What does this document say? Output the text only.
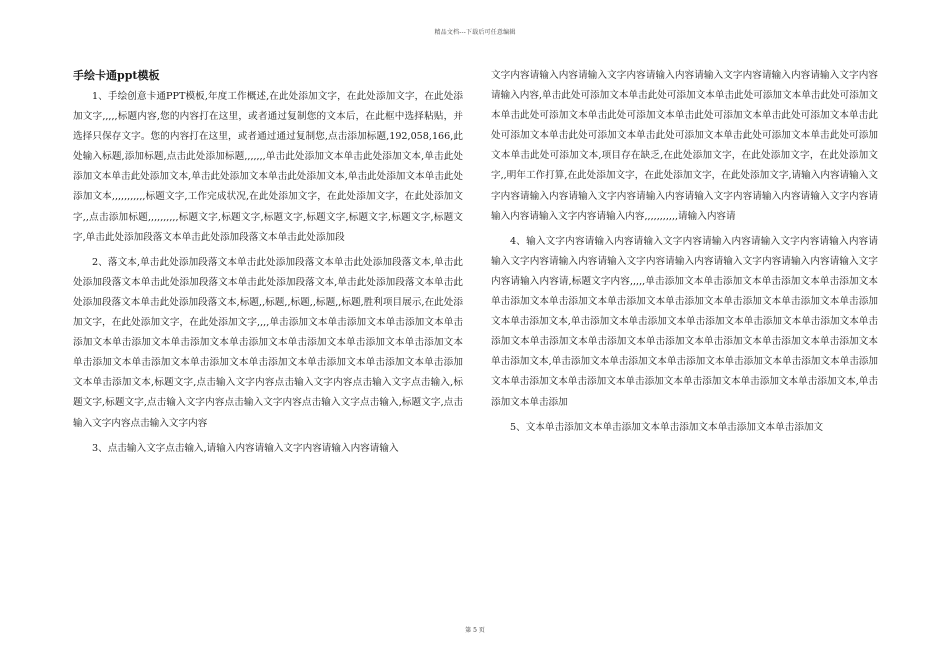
精品文档---下载后可任意编辑
手绘卡通ppt模板

1、手绘创意卡通PPT模板,年度工作概述,在此处添加文字，在此处添加文字，在此处添加文字,,,,,标题内容,您的内容打在这里，或者通过复制您的文本后，在此框中选择粘贴，并选择只保存文字。您的内容打在这里，或者通过通过复制您,点击添加标题,192,058,166,此处输入标题,添加标题,点击此处添加标题,,,,,,,单击此处添加文本单击此处添加文本,单击此处添加文本单击此处添加文本,单击此处添加文本单击此处添加文本,单击此处添加文本单击此处添加文本,,,,,,,,,,,标题文字,工作完成状况,在此处添加文字，在此处添加文字，在此处添加文字,,点击添加标题,,,,,,,,,,标题文字,标题文字,标题文字,标题文字,标题文字,标题文字,标题文字,单击此处添加段落文本单击此处添加段落文本单击此处添加段

2、落文本,单击此处添加段落文本单击此处添加段落文本单击此处添加段落文本,单击此处添加段落文本单击此处添加段落文本单击此处添加段落文本,单击此处添加段落文本单击此处添加段落文本单击此处添加段落文本,标题,,标题,,标题,,标题,,标题,胜利项目展示,在此处添加文字，在此处添加文字，在此处添加文字,,,,单击添加文本单击添加文本单击添加文本单击添加文本单击添加文本单击添加文本单击添加文本单击添加文本单击添加文本单击添加文本单击添加文本单击添加文本单击添加文本单击添加文本单击添加文本单击添加文本单击添加文本单击添加文本,标题文字,点击输入文字内容点击输入文字内容点击输入文字点击输入,标题文字,标题文字,点击输入文字内容点击输入文字内容点击输入文字点击输入,标题文字,点击输入文字内容点击输入文字内容

3、点击输入文字点击输入,请输入内容请输入文字内容请输入内容请输入

文字内容请输入内容请输入文字内容请输入内容请输入文字内容请输入内容请输入文字内容请输入内容,单击此处可添加文本单击此处可添加文本单击此处可添加文本单击此处可添加文本单击此处可添加文本单击此处可添加文本单击此处可添加文本单击此处可添加文本单击此处可添加文本单击此处可添加文本单击此处可添加文本单击此处可添加文本单击此处可添加文本单击此处可添加文本,项目存在缺乏,在此处添加文字，在此处添加文字，在此处添加文字,,明年工作打算,在此处添加文字，在此处添加文字，在此处添加文字,请输入内容请输入文字内容请输入内容请输入文字内容请输入内容请输入文字内容请输入内容请输入文字内容请输入内容请输入文字内容请输入内容,,,,,,,,,,,请输入内容请

4、输入文字内容请输入内容请输入文字内容请输入内容请输入文字内容请输入内容请输入文字内容请输入内容请输入文字内容请输入内容请输入文字内容请输入内容请输入文字内容请输入内容请,标题文字内容,,,,,单击添加文本单击添加文本单击添加文本单击添加文本单击添加文本单击添加文本单击添加文本单击添加文本单击添加文本单击添加文本单击添加文本单击添加文本,单击添加文本单击添加文本单击添加文本单击添加文本单击添加文本单击添加文本单击添加文本单击添加文本单击添加文本单击添加文本单击添加文本单击添加文本单击添加文本,单击添加文本单击添加文本单击添加文本单击添加文本单击添加文本单击添加文本单击添加文本单击添加文本单击添加文本单击添加文本单击添加文本单击添加文本,单击添加文本单击添加

5、文本单击添加文本单击添加文本单击添加文本单击添加文本单击添加文

第 5 页
